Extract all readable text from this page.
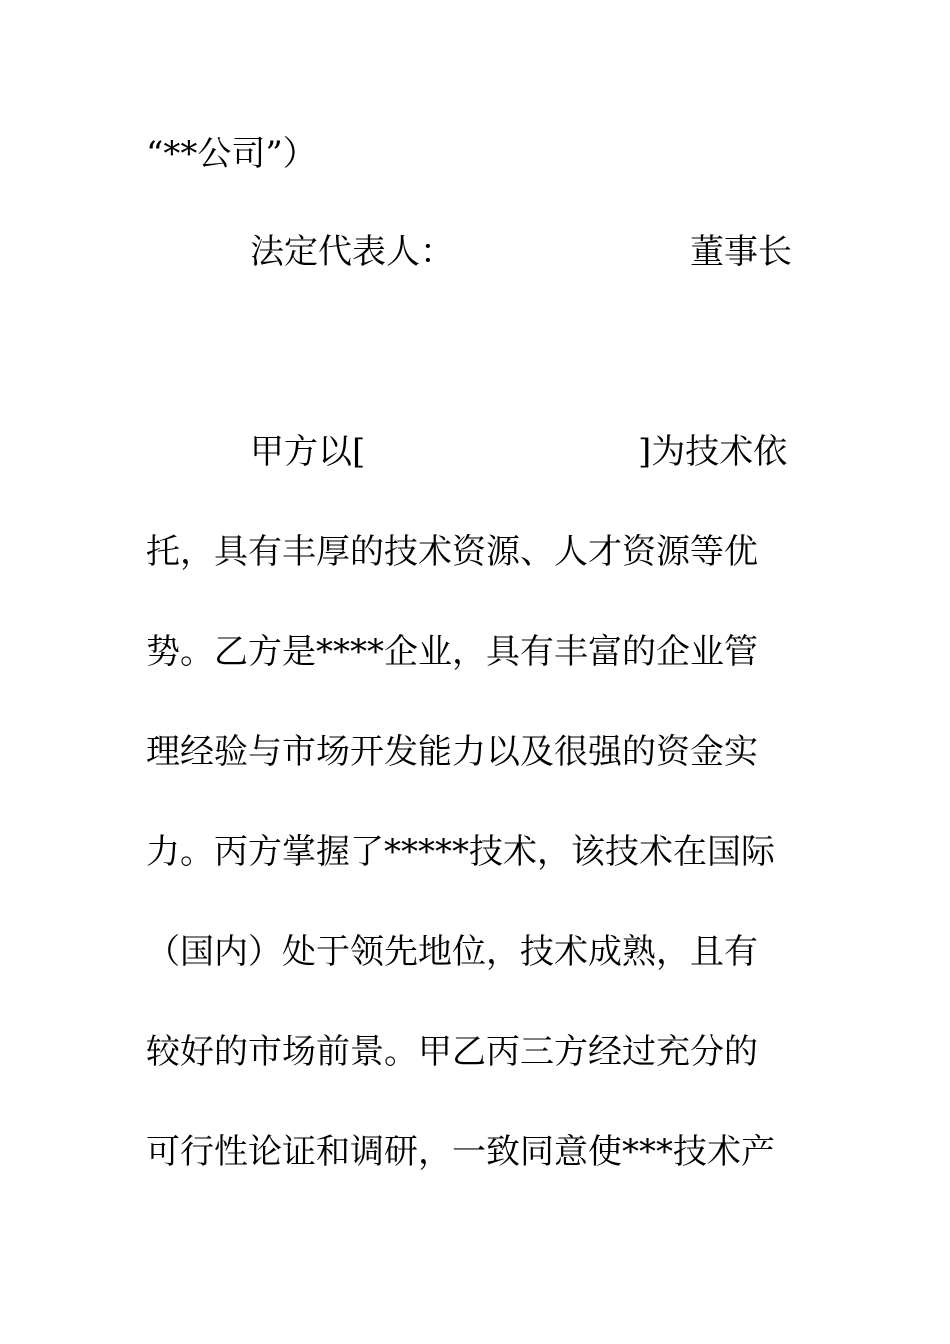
“**公司”）
法定代表人：	董事长
甲方以[	]为技术依
托，具有丰厚的技术资源、人才资源等优
势。乙方是****企业，具有丰富的企业管
理经验与市场开发能力以及很强的资金实
力。丙方掌握了*****技术，该技术在国际
（国内）处于领先地位，技术成熟，且有
较好的市场前景。甲乙丙三方经过充分的
可行性论证和调研，一致同意使***技术产
